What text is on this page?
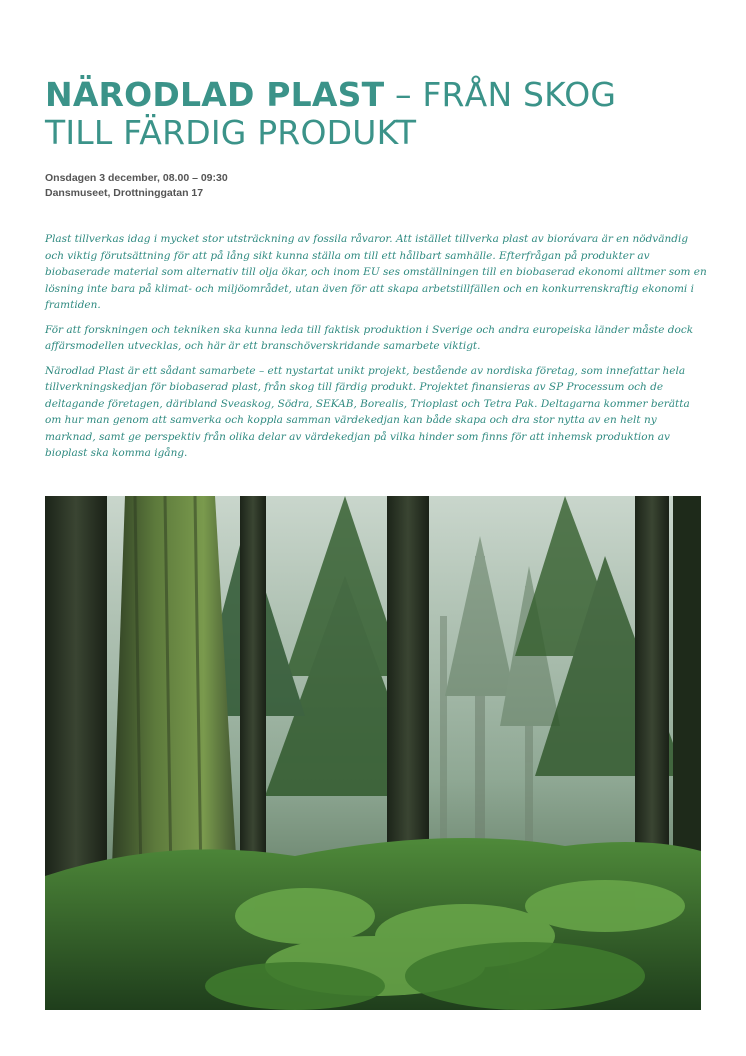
NÄRODLAD PLAST – FRÅN SKOG
TILL FÄRDIG PRODUKT
Onsdagen 3 december, 08.00 – 09:30
Dansmuseet, Drottninggatan 17

Plast tillverkas idag i mycket stor utsträckning av fossila råvaror. Att istället tillverka plast av biorávara är en nödvändig och viktig förutsättning för att på lång sikt kunna ställa om till ett hållbart samhälle. Efterfrågan på produkter av biobaserade material som alternativ till olja ökar, och inom EU ses omställningen till en biobaserad ekonomi alltmer som en lösning inte bara på klimat- och miljöområdet, utan även för att skapa arbetstillfällen och en konkurrenskraftig ekonomi i framtiden.

För att forskningen och tekniken ska kunna leda till faktisk produktion i Sverige och andra europeiska länder måste dock affärsmodellen utvecklas, och här är ett branschöverskridande samarbete viktigt.

Närodlad Plast är ett sådant samarbete – ett nystartat unikt projekt, bestående av nordiska företag, som innefattar hela tillverkningskedjan för biobaserad plast, från skog till färdig produkt. Projektet finansieras av SP Processum och de deltagande företagen, däribland Sveaskog, Södra, SEKAB, Borealis, Trioplast och Tetra Pak. Deltagarna kommer berätta om hur man genom att samverka och koppla samman värdekedjan kan både skapa och dra stor nytta av en helt ny marknad, samt ge perspektiv från olika delar av värdekedjan på vilka hinder som finns för att inhemsk produktion av bioplast ska komma igång.
